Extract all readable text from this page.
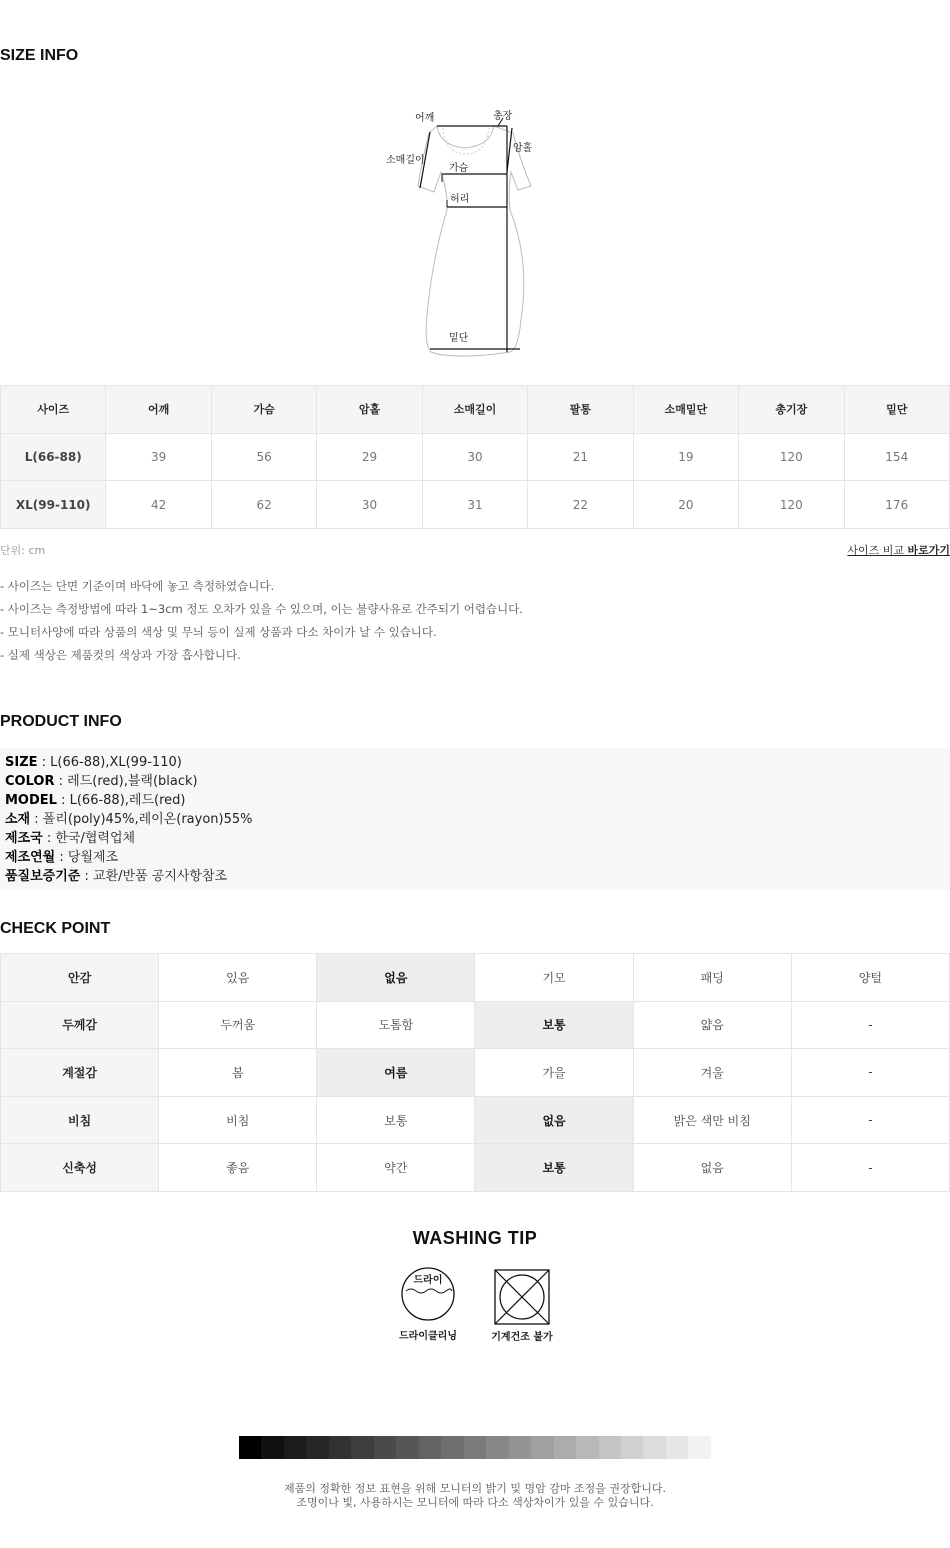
SIZE INFO
어깨	총장
암홀
소매길이
가슴
허리
밑단
사이즈	어깨	가슴	암홀	소매길이	팔통	소매밑단	총기장	밑단
L(66-88)	39	56	29	30	21	19	120	154
XL(99-110)	42	62	30	31	22	20	120	176
단위: cm	사이즈 비교 바로가기
- 사이즈는 단면 기준이며 바닥에 놓고 측정하였습니다.
- 사이즈는 측정방법에 따라 1~3cm 정도 오차가 있을 수 있으며, 이는 불량사유로 간주되기 어렵습니다.
- 모니터사양에 따라 상품의 색상 및 무늬 등이 실제 상품과 다소 차이가 날 수 있습니다.
- 실제 색상은 제품컷의 색상과 가장 흡사합니다.
PRODUCT INFO
SIZE : L(66-88),XL(99-110)
COLOR : 레드(red),블랙(black)
MODEL : L(66-88),레드(red)
소재 : 폴리(poly)45%,레이온(rayon)55%
제조국 : 한국/협력업체
제조연월 : 당월제조
품질보증기준 : 교환/반품 공지사항참조
CHECK POINT
안감	있음	없음	기모	패딩	양털
두께감	두꺼움	도톰함	보통	얇음	-
계절감	봄	여름	가을	겨울	-
비침	비침	보통	없음	밝은 색만 비침	-
신축성	좋음	약간	보통	없음	-
WASHING TIP
드라이
드라이클리닝	기계건조 불가
제품의 정확한 정보 표현을 위해 모니터의 밝기 및 명암 감마 조정을 권장합니다.
조명이나 빛, 사용하시는 모니터에 따라 다소 색상차이가 있을 수 있습니다.
